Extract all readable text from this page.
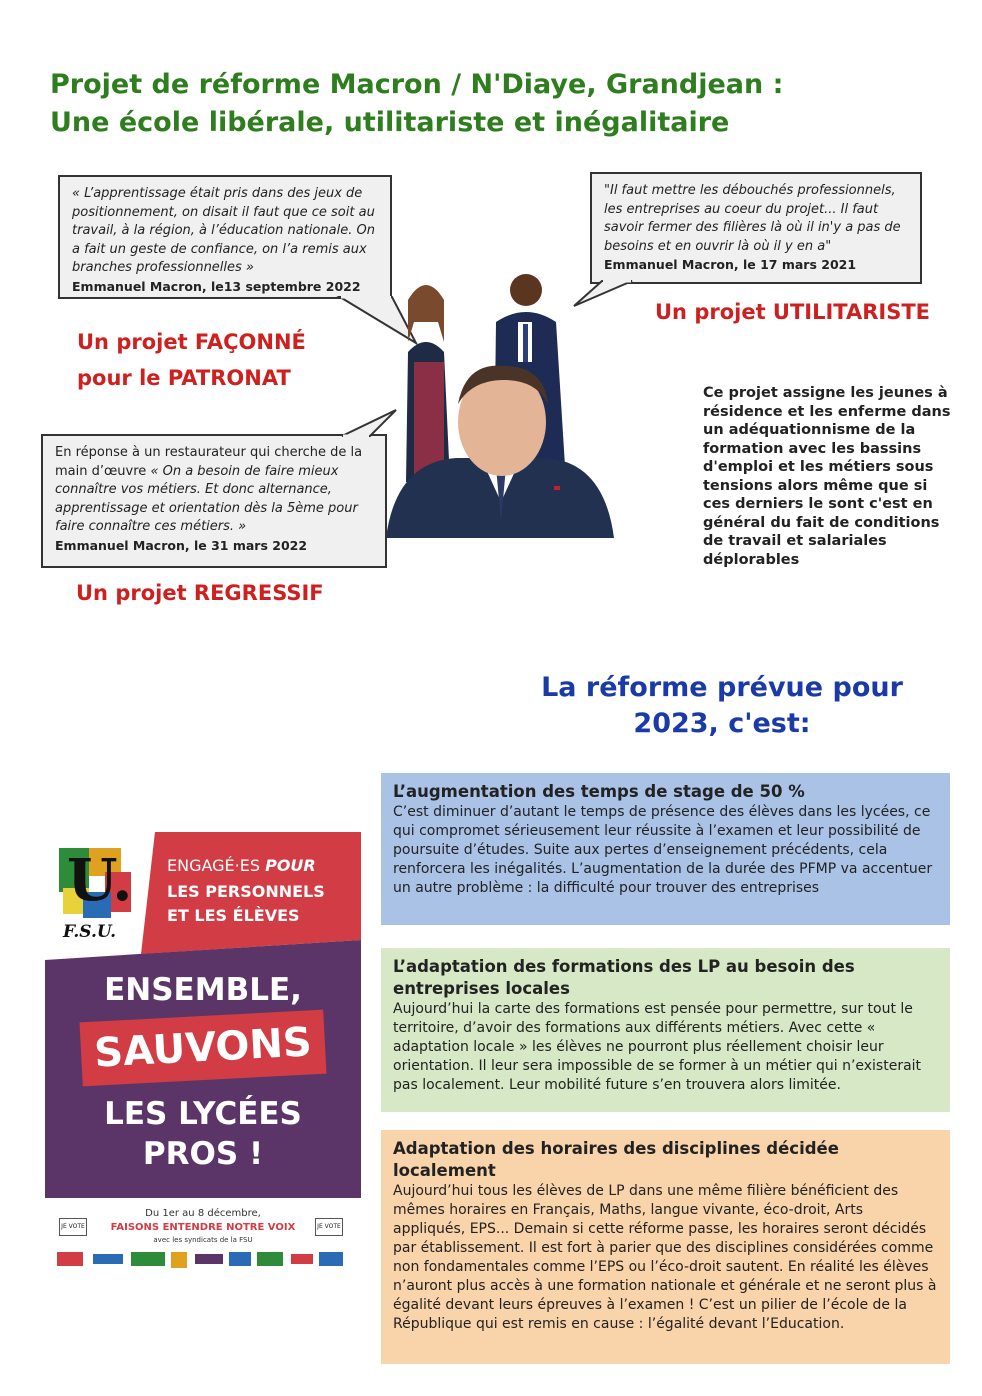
Projet de réforme Macron / N'Diaye, Grandjean :
Une école libérale, utilitariste et inégalitaire
« L’apprentissage était pris dans des jeux de positionnement, on disait il faut que ce soit au travail, à la région, à l’éducation nationale. On a fait un geste de confiance, on l’a remis aux branches professionnelles »
Emmanuel Macron, le13 septembre 2022
"Il faut mettre les débouchés professionnels, les entreprises au coeur du projet... Il faut savoir fermer des filières là où il in'y a pas de besoins et en ouvrir là où il y en a"
Emmanuel Macron, le 17 mars 2021
En réponse à un restaurateur qui cherche de la main d’œuvre « On a besoin de faire mieux connaître vos métiers. Et donc alternance, apprentissage et orientation dès la 5ème pour faire connaître ces métiers. »
Emmanuel Macron, le 31 mars 2022
Un projet FAÇONNÉ
pour le PATRONAT
Un projet UTILITARISTE
Un projet REGRESSIF
Ce projet assigne les jeunes à résidence et les enferme dans un adéquationnisme de la formation avec les bassins d'emploi et les métiers sous tensions alors même que si ces derniers le sont c'est en général du fait de conditions de travail et salariales déplorables
La réforme prévue pour
2023, c'est:
L’augmentation des temps de stage de 50 %

C’est diminuer d’autant le temps de présence des élèves dans les lycées, ce qui compromet sérieusement leur réussite à l’examen et leur possibilité de poursuite d’études. Suite aux pertes d’enseignement précédents, cela renforcera les inégalités. L’augmentation de la durée des PFMP va accentuer un autre problème : la difficulté pour trouver des entreprises

L’adaptation des formations des LP au besoin des entreprises locales

Aujourd’hui la carte des formations est pensée pour permettre, sur tout le territoire, d’avoir des formations aux différents métiers. Avec cette « adaptation locale » les élèves ne pourront plus réellement choisir leur orientation. Il leur sera impossible de se former à un métier qui n’existerait pas localement. Leur mobilité future s’en trouvera alors limitée.

Adaptation des horaires des disciplines décidée localement

Aujourd’hui tous les élèves de LP dans une même filière bénéficient des mêmes horaires en Français, Maths, langue vivante, éco-droit, Arts appliqués, EPS... Demain si cette réforme passe, les horaires seront décidés par établissement. Il est fort à parier que des disciplines considérées comme non fondamentales comme l’EPS ou l’éco-droit sautent. En réalité les élèves n’auront plus accès à une formation nationale et générale et ne seront plus à égalité devant leurs épreuves à l’examen ! C’est un pilier de l’école de la République qui est remis en cause : l’égalité devant l’Education.

U.
F.S.U.
ENGAGÉ·ES POUR
LES PERSONNELS
ET LES ÉLÈVES
ENSEMBLE,
SAUVONS
LES LYCÉES
PROS !
Du 1er au 8 décembre,
FAISONS ENTENDRE NOTRE VOIX
avec les syndicats de la FSU
JE VOTE	JE VOTE
